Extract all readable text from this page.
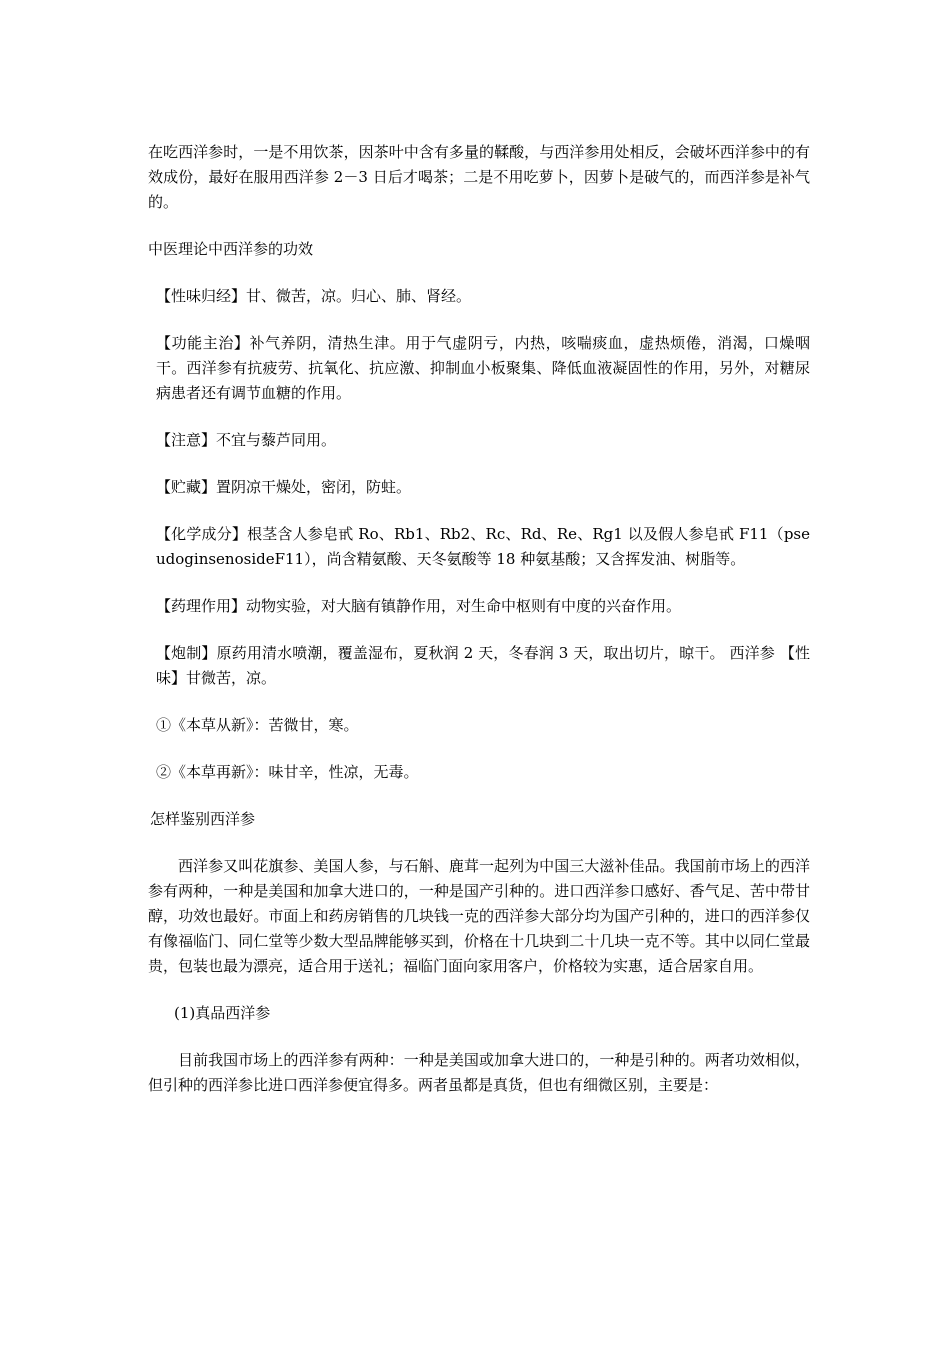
在吃西洋参时，一是不用饮茶，因茶叶中含有多量的鞣酸，与西洋参用处相反，会破坏西洋参中的有效成份，最好在服用西洋参 2－3 日后才喝茶；二是不用吃萝卜，因萝卜是破气的，而西洋参是补气的。

中医理论中西洋参的功效

【性味归经】甘、微苦，凉。归心、肺、肾经。

【功能主治】补气养阴，清热生津。用于气虚阴亏，内热，咳喘痰血，虚热烦倦，消渴，口燥咽干。西洋参有抗疲劳、抗氧化、抗应激、抑制血小板聚集、降低血液凝固性的作用，另外，对糖尿病患者还有调节血糖的作用。

【注意】不宜与藜芦同用。

【贮藏】置阴凉干燥处，密闭，防蛀。

【化学成分】根茎含人参皂甙 Ro、Rb1、Rb2、Rc、Rd、Re、Rg1 以及假人参皂甙 F11（pseudoginsenosideF11），尚含精氨酸、天冬氨酸等 18 种氨基酸；又含挥发油、树脂等。

【药理作用】动物实验，对大脑有镇静作用，对生命中枢则有中度的兴奋作用。

【炮制】原药用清水喷潮，覆盖湿布，夏秋润 2 天，冬春润 3 天，取出切片，晾干。 西洋参 【性味】甘微苦，凉。

①《本草从新》：苦微甘，寒。

②《本草再新》：味甘辛，性凉，无毒。

怎样鉴别西洋参

西洋参又叫花旗参、美国人参，与石斛、鹿茸一起列为中国三大滋补佳品。我国前市场上的西洋参有两种，一种是美国和加拿大进口的，一种是国产引种的。进口西洋参口感好、香气足、苦中带甘醇，功效也最好。市面上和药房销售的几块钱一克的西洋参大部分均为国产引种的，进口的西洋参仅有像福临门、同仁堂等少数大型品牌能够买到，价格在十几块到二十几块一克不等。其中以同仁堂最贵，包装也最为漂亮，适合用于送礼；福临门面向家用客户，价格较为实惠，适合居家自用。

(1)真品西洋参

目前我国市场上的西洋参有两种：一种是美国或加拿大进口的，一种是引种的。两者功效相似，但引种的西洋参比进口西洋参便宜得多。两者虽都是真货，但也有细微区别，主要是：
